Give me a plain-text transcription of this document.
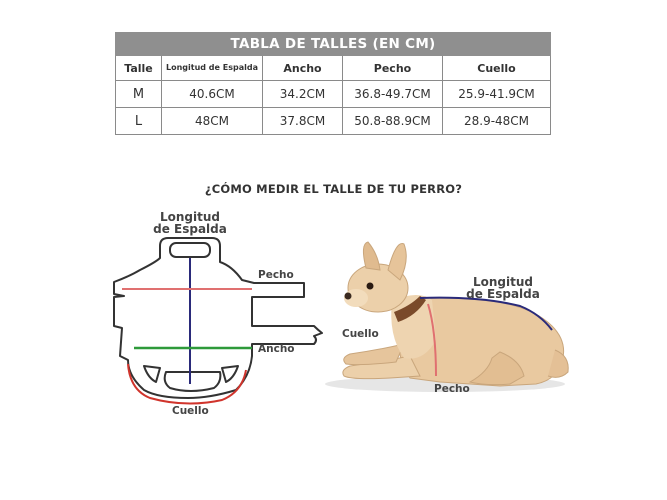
TABLA DE TALLES (EN CM)				
Talle	Longitud de Espalda	Ancho	Pecho	Cuello
M	40.6CM	34.2CM	36.8-49.7CM	25.9-41.9CM
L	48CM	37.8CM	50.8-88.9CM	28.9-48CM
¿CÓMO MEDIR EL TALLE DE TU PERRO?
Longitud
de Espalda
Pecho
Ancho
Cuello
Longitud
de Espalda
Cuello
Pecho
